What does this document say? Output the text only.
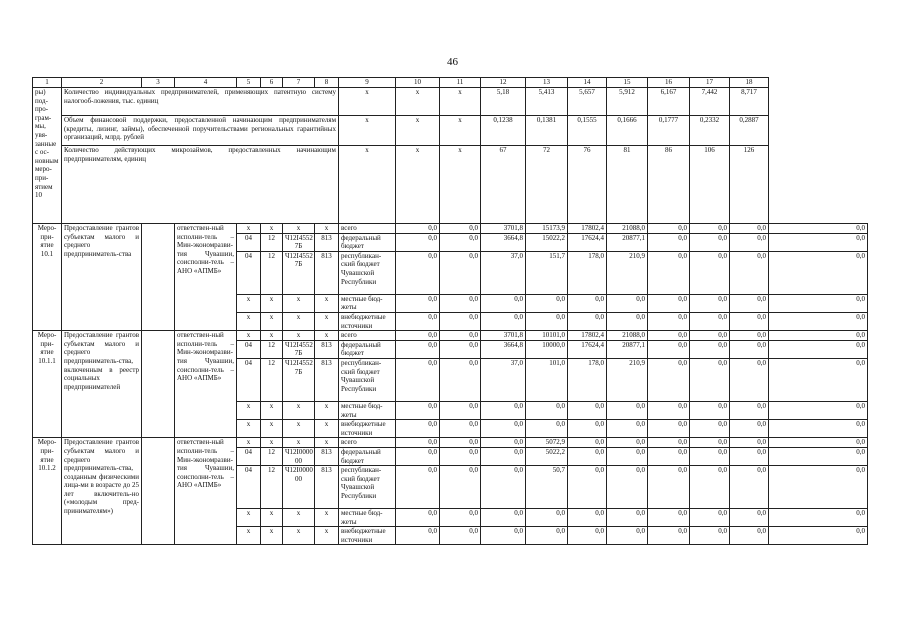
46
1	2	3	4	5	6	7	8	9	10	11	12	13	14	15	16	17	18	
ры) под-про-грам-мы, увя-занные с ос-новным меро-при-ятием 10	Количество индивидуальных предпринимателей, применяющих патентную систему налогооб-ложения, тыс. единиц							x	x	x	5,18	5,413	5,657	5,912	6,167	7,442	8,717	
	Объем финансовой поддержки, предоставленной начинающим предпринимателям (кредиты, лизинг, займы), обеспеченной поручительствами региональных гарантийных организаций, млрд. рублей							x	x	x	0,1238	0,1381	0,1555	0,1666	0,1777	0,2332	0,2887	
	Количество действующих микрозаймов, предоставленных начинающим предпринимателям, единиц							x	x	x	67	72	76	81	86	106	126	
Меро-при-ятие 10.1	Предоставление грантов субъектам малого и среднего предприниматель-ства		ответствен-ный исполни-тель – Мин-экономразви-тия Чувашии, соисполни-тель – АНО «АПМБ»	x	x	x	x	всего	0,0	0,0	3701,8	15173,9	17802,4	21088,0	0,0	0,0	0,0	0,0
				04	12	Ч12I4552 7Б	813	федеральный бюджет	0,0	0,0	3664,8	15022,2	17624,4	20877,1	0,0	0,0	0,0	0,0
				04	12	Ч12I4552 7Б	813	республикан-ский бюджет Чувашской Республики	0,0	0,0	37,0	151,7	178,0	210,9	0,0	0,0	0,0	0,0
				x	x	x	x	местные бюд-жеты	0,0	0,0	0,0	0,0	0,0	0,0	0,0	0,0	0,0	0,0
				x	x	x	x	внебюджетные источники	0,0	0,0	0,0	0,0	0,0	0,0	0,0	0,0	0,0	0,0
Меро-при-ятие 10.1.1	Предоставление грантов субъектам малого и среднего предприниматель-ства, включенным в реестр социальных предпринимателей		ответствен-ный исполни-тель – Мин-экономразви-тия Чувашии, соисполни-тель – АНО «АПМБ»	x	x	x	x	всего	0,0	0,0	3701,8	10101,0	17802,4	21088,0	0,0	0,0	0,0	0,0
				04	12	Ч12I4552 7Б	813	федеральный бюджет	0,0	0,0	3664,8	10000,0	17624,4	20877,1	0,0	0,0	0,0	0,0
				04	12	Ч12I4552 7Б	813	республикан-ский бюджет Чувашской Республики	0,0	0,0	37,0	101,0	178,0	210,9	0,0	0,0	0,0	0,0
				x	x	x	x	местные бюд-жеты	0,0	0,0	0,0	0,0	0,0	0,0	0,0	0,0	0,0	0,0
				x	x	x	x	внебюджетные источники	0,0	0,0	0,0	0,0	0,0	0,0	0,0	0,0	0,0	0,0
Меро-при-ятие 10.1.2	Предоставление грантов субъектам малого и среднего предприниматель-ства, созданным физическими лица-ми в возрасте до 25 лет включитель-но («молодым пред-принимателям»)		ответствен-ный исполни-тель – Мин-экономразви-тия Чувашии, соисполни-тель – АНО «АПМБ»	x	x	x	x	всего	0,0	0,0	0,0	5072,9	0,0	0,0	0,0	0,0	0,0	0,0
				04	12	Ч12I0000 00	813	федеральный бюджет	0,0	0,0	0,0	5022,2	0,0	0,0	0,0	0,0	0,0	0,0
				04	12	Ч12I0000 00	813	республикан-ский бюджет Чувашской Республики	0,0	0,0	0,0	50,7	0,0	0,0	0,0	0,0	0,0	0,0
				x	x	x	x	местные бюд-жеты	0,0	0,0	0,0	0,0	0,0	0,0	0,0	0,0	0,0	0,0
				x	x	x	x	внебюджетные источники	0,0	0,0	0,0	0,0	0,0	0,0	0,0	0,0	0,0	0,0
